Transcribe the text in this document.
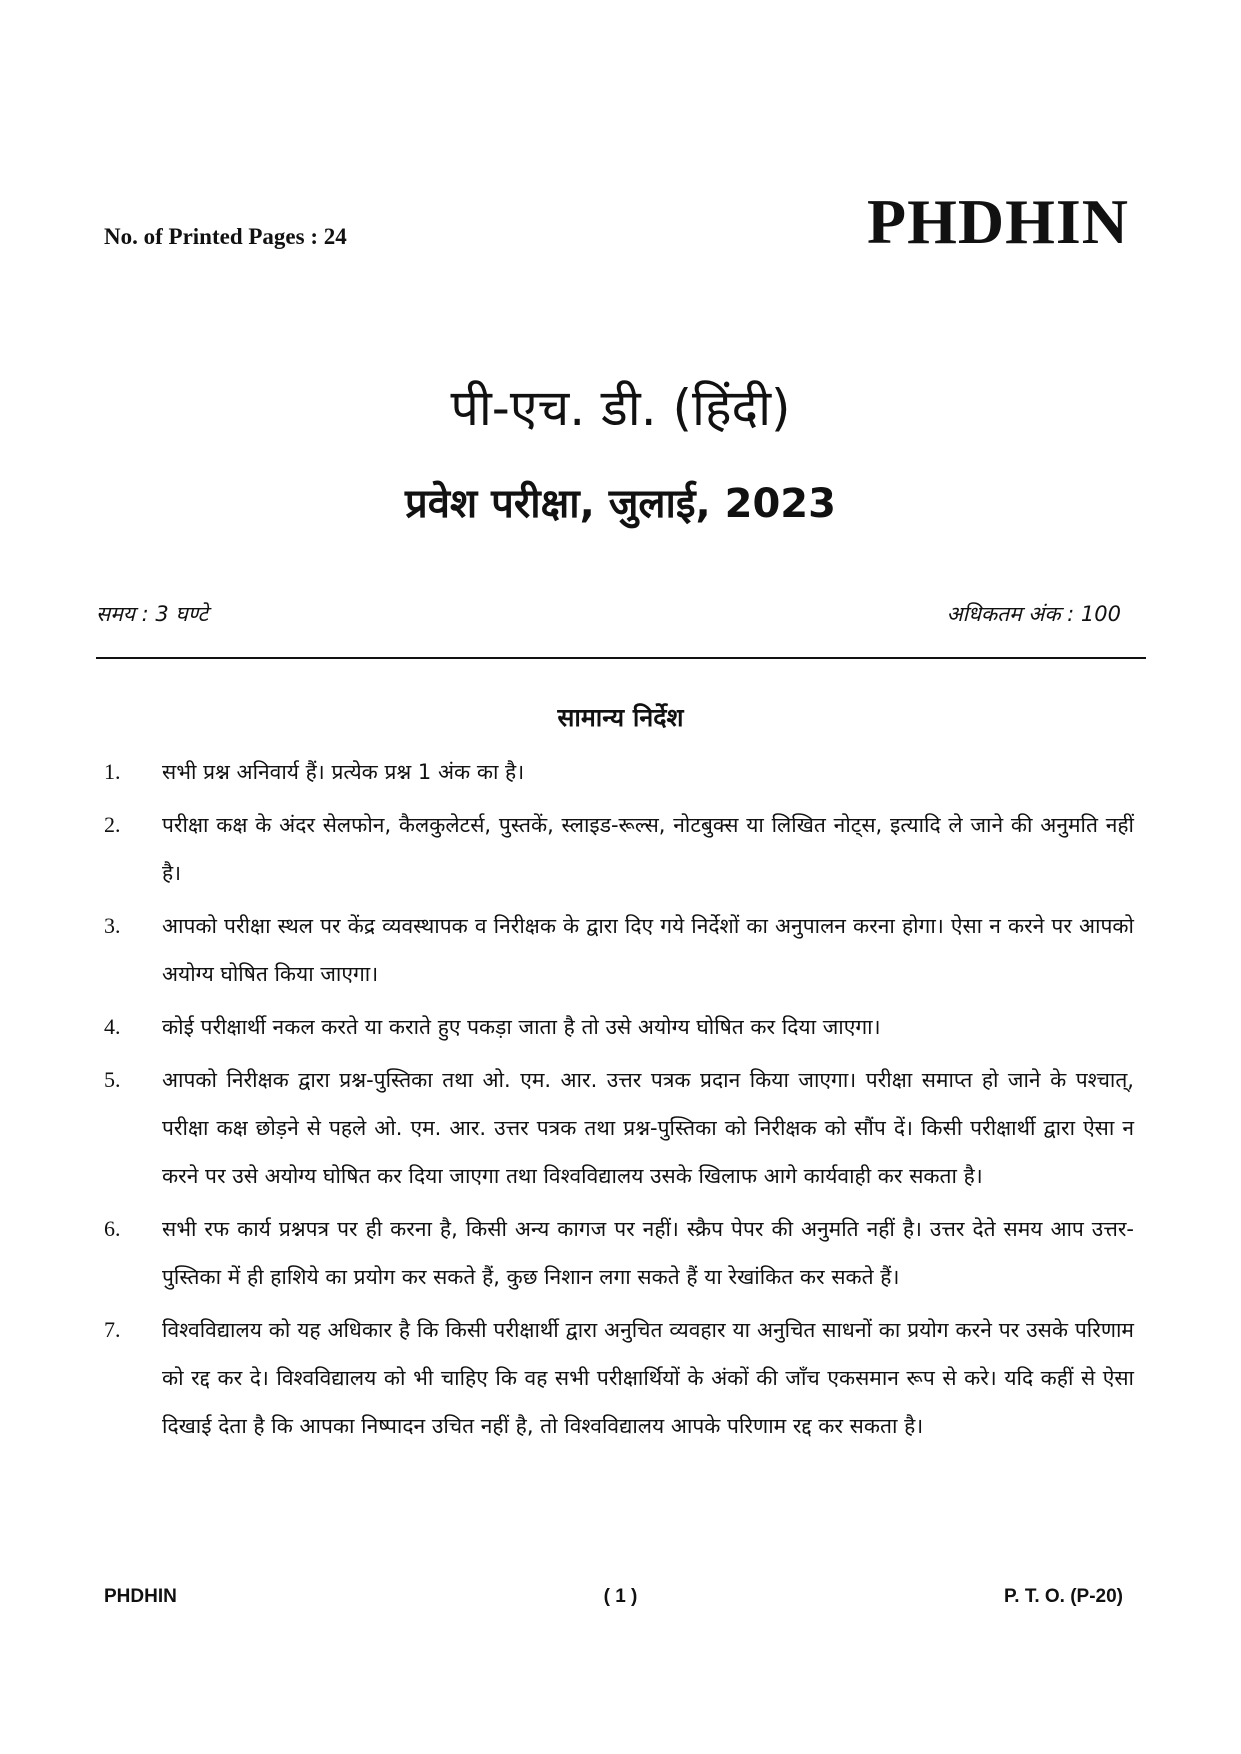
No. of Printed Pages : 24	PHDHIN
पी-एच. डी. (हिंदी)
प्रवेश परीक्षा, जुलाई, 2023
समय : 3 घण्टे	अधिकतम अंक : 100
सामान्य निर्देश
1.	सभी प्रश्न अनिवार्य हैं। प्रत्येक प्रश्न 1 अंक का है।
2.	परीक्षा कक्ष के अंदर सेलफोन, कैलकुलेटर्स, पुस्तकें, स्लाइड-रूल्स, नोटबुक्स या लिखित नोट्स, इत्यादि ले जाने की अनुमति नहीं है।
3.	आपको परीक्षा स्थल पर केंद्र व्यवस्थापक व निरीक्षक के द्वारा दिए गये निर्देशों का अनुपालन करना होगा। ऐसा न करने पर आपको अयोग्य घोषित किया जाएगा।
4.	कोई परीक्षार्थी नकल करते या कराते हुए पकड़ा जाता है तो उसे अयोग्य घोषित कर दिया जाएगा।
5.	आपको निरीक्षक द्वारा प्रश्न-पुस्तिका तथा ओ. एम. आर. उत्तर पत्रक प्रदान किया जाएगा। परीक्षा समाप्त हो जाने के पश्चात्, परीक्षा कक्ष छोड़ने से पहले ओ. एम. आर. उत्तर पत्रक तथा प्रश्न-पुस्तिका को निरीक्षक को सौंप दें। किसी परीक्षार्थी द्वारा ऐसा न करने पर उसे अयोग्य घोषित कर दिया जाएगा तथा विश्वविद्यालय उसके खिलाफ आगे कार्यवाही कर सकता है।
6.	सभी रफ कार्य प्रश्नपत्र पर ही करना है, किसी अन्य कागज पर नहीं। स्क्रैप पेपर की अनुमति नहीं है। उत्तर देते समय आप उत्तर-पुस्तिका में ही हाशिये का प्रयोग कर सकते हैं, कुछ निशान लगा सकते हैं या रेखांकित कर सकते हैं।
7.	विश्वविद्यालय को यह अधिकार है कि किसी परीक्षार्थी द्वारा अनुचित व्यवहार या अनुचित साधनों का प्रयोग करने पर उसके परिणाम को रद्द कर दे। विश्वविद्यालय को भी चाहिए कि वह सभी परीक्षार्थियों के अंकों की जाँच एकसमान रूप से करे। यदि कहीं से ऐसा दिखाई देता है कि आपका निष्पादन उचित नहीं है, तो विश्वविद्यालय आपके परिणाम रद्द कर सकता है।
PHDHIN	( 1 )	P. T. O. (P-20)
